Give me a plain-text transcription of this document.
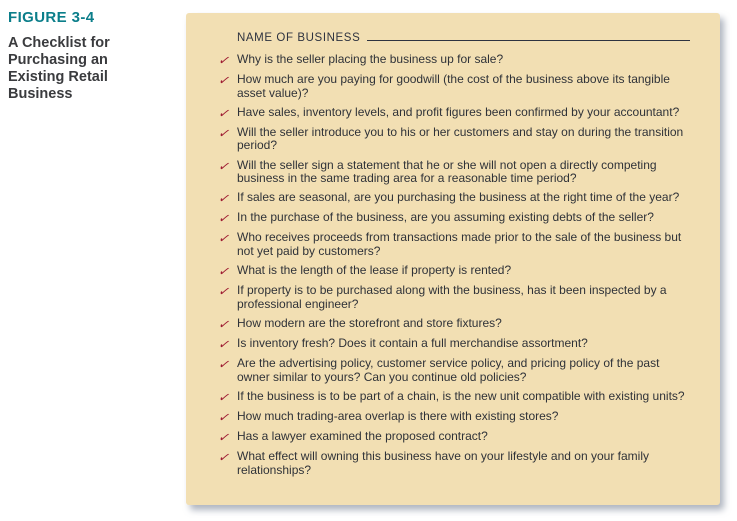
FIGURE 3-4
A Checklist for Purchasing an Existing Retail Business
NAME OF BUSINESS
✓ Why is the seller placing the business up for sale?
✓ How much are you paying for goodwill (the cost of the business above its tangible asset value)?
✓ Have sales, inventory levels, and profit figures been confirmed by your accountant?
✓ Will the seller introduce you to his or her customers and stay on during the transition period?
✓ Will the seller sign a statement that he or she will not open a directly competing business in the same trading area for a reasonable time period?
✓ If sales are seasonal, are you purchasing the business at the right time of the year?
✓ In the purchase of the business, are you assuming existing debts of the seller?
✓ Who receives proceeds from transactions made prior to the sale of the business but not yet paid by customers?
✓ What is the length of the lease if property is rented?
✓ If property is to be purchased along with the business, has it been inspected by a professional engineer?
✓ How modern are the storefront and store fixtures?
✓ Is inventory fresh? Does it contain a full merchandise assortment?
✓ Are the advertising policy, customer service policy, and pricing policy of the past owner similar to yours? Can you continue old policies?
✓ If the business is to be part of a chain, is the new unit compatible with existing units?
✓ How much trading-area overlap is there with existing stores?
✓ Has a lawyer examined the proposed contract?
✓ What effect will owning this business have on your lifestyle and on your family relationships?
